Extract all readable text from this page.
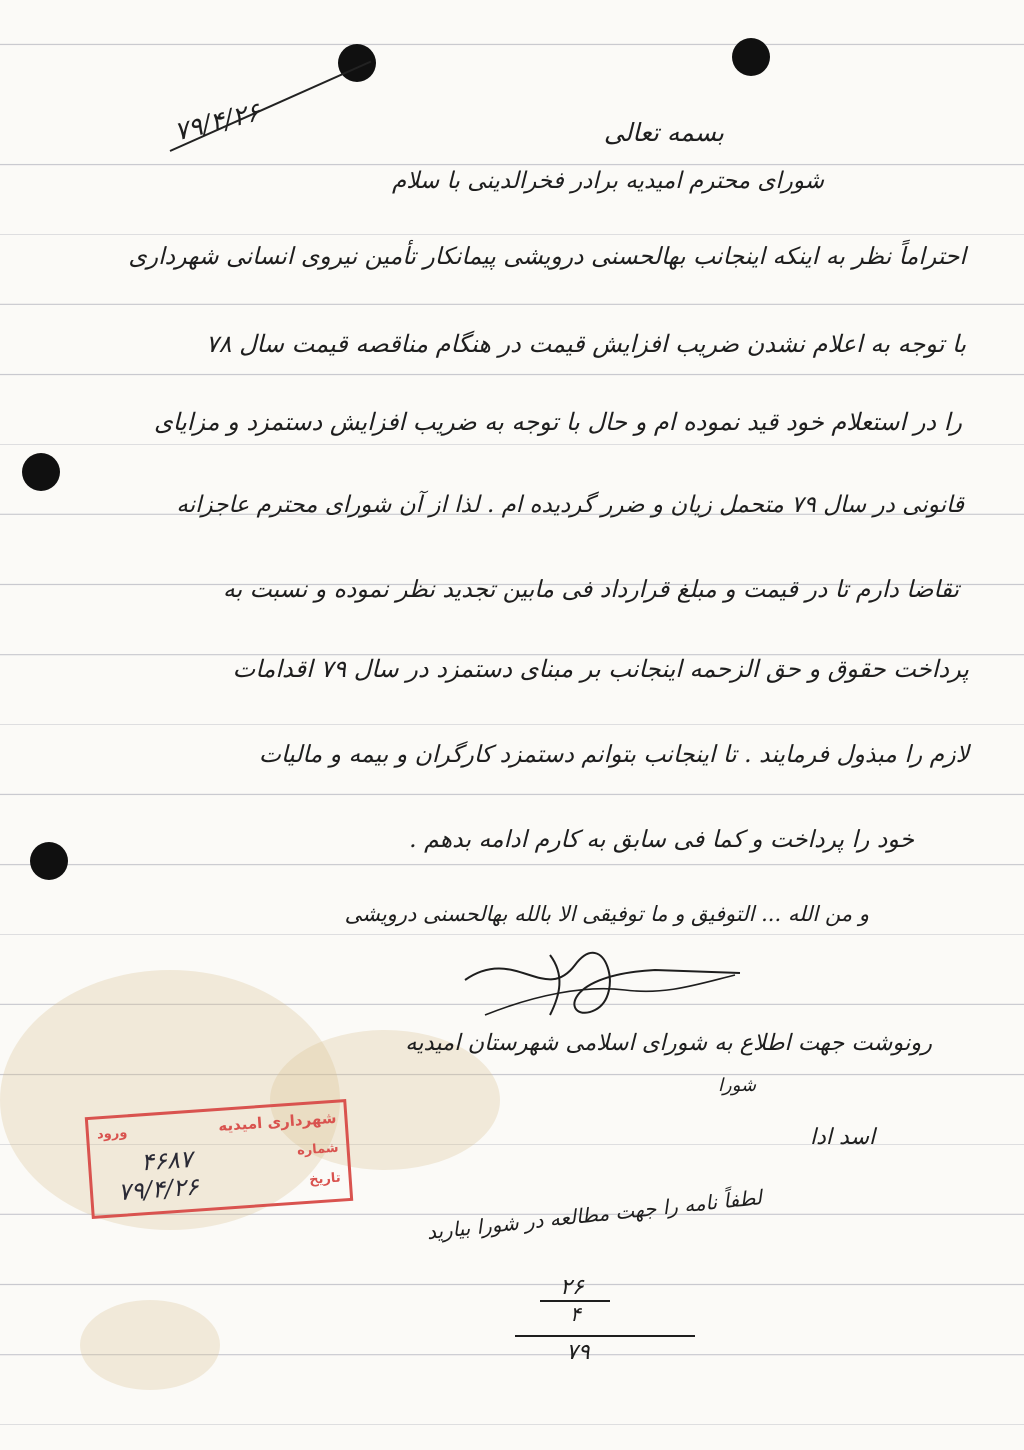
۷۹/۴/۲۶	بسمه تعالی
شورای محترم امیدیه برادر فخرالدینی با سلام
احتراماً نظر به اینکه اینجانب بهالحسنی درویشی پیمانکار تأمین نیروی انسانی شهرداری
با توجه به اعلام نشدن ضریب افزایش قیمت در هنگام مناقصه قیمت سال ۷۸
را در استعلام خود قید نموده ام و حال با توجه به ضریب افزایش دستمزد و مزایای
قانونی در سال ۷۹ متحمل زیان و ضرر گردیده ام . لذا از آن شورای محترم عاجزانه
تقاضا دارم تا در قیمت و مبلغ قرارداد فی مابین تجدید نظر نموده و نسبت به
پرداخت حقوق و حق الزحمه اینجانب بر مبنای دستمزد در سال ۷۹ اقدامات
لازم را مبذول فرمایند . تا اینجانب بتوانم دستمزد کارگران و بیمه و مالیات
خود را پرداخت و کما فی سابق به کارم ادامه بدهم .
و من الله ... التوفیق و ما توفیقی الا بالله بهالحسنی درویشی
رونوشت جهت اطلاع به شورای اسلامی شهرستان امیدیه
شهرداری امیدیه
ورود
شماره
تاریخ
۴۶۸۷
۷۹/۴/۲۶
شورا
اسد ادا
لطفاً نامه را جهت مطالعه در شورا بیارید
۲۶
۴
۷۹
